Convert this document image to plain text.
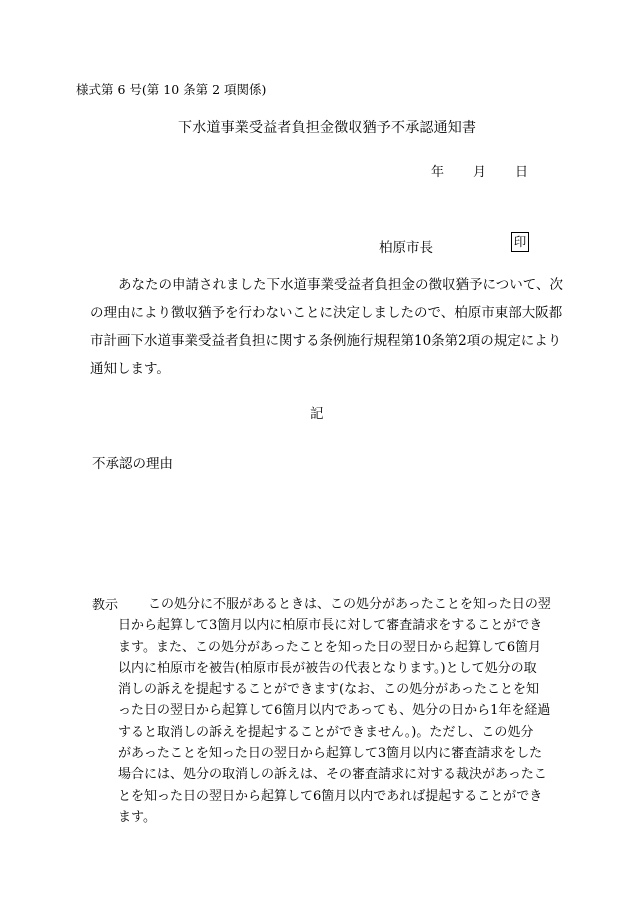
様式第 6 号(第 10 条第 2 項関係)
下水道事業受益者負担金徴収猶予不承認通知書
年 月 日
柏原市長	印
あなたの申請されました下水道事業受益者負担金の徴収猶予について、次
の理由により徴収猶予を行わないことに決定しましたので、柏原市東部大阪都
市計画下水道事業受益者負担に関する条例施行規程第10条第2項の規定により
通知します。
記
不承認の理由
教示	この処分に不服があるときは、この処分があったことを知った日の翌
日から起算して3箇月以内に柏原市長に対して審査請求をすることができ
ます。また、この処分があったことを知った日の翌日から起算して6箇月
以内に柏原市を被告(柏原市長が被告の代表となります。)として処分の取
消しの訴えを提起することができます(なお、この処分があったことを知
った日の翌日から起算して6箇月以内であっても、処分の日から1年を経過
すると取消しの訴えを提起することができません。)。ただし、この処分
があったことを知った日の翌日から起算して3箇月以内に審査請求をした
場合には、処分の取消しの訴えは、その審査請求に対する裁決があったこ
とを知った日の翌日から起算して6箇月以内であれば提起することができ
ます。
